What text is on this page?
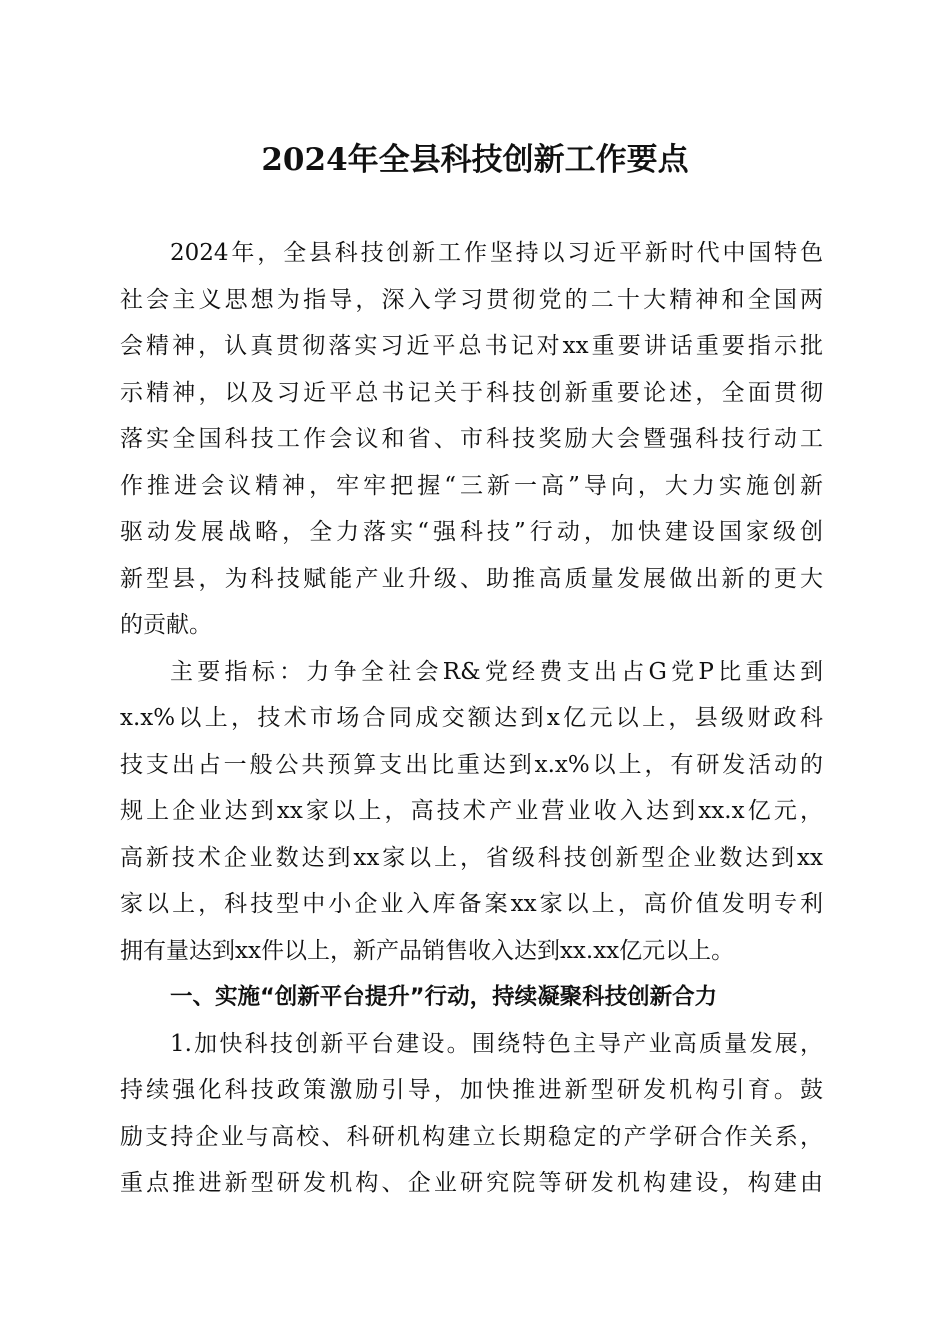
2024年全县科技创新工作要点
2024年，全县科技创新工作坚持以习近平新时代中国特色
社会主义思想为指导，深入学习贯彻党的二十大精神和全国两
会精神，认真贯彻落实习近平总书记对xx重要讲话重要指示批
示精神，以及习近平总书记关于科技创新重要论述，全面贯彻
落实全国科技工作会议和省、市科技奖励大会暨强科技行动工
作推进会议精神，牢牢把握“三新一高”导向，大力实施创新
驱动发展战略，全力落实“强科技”行动，加快建设国家级创
新型县，为科技赋能产业升级、助推高质量发展做出新的更大
的贡献。
主要指标：力争全社会R&党经费支出占G党P比重达到
x.x%以上，技术市场合同成交额达到x亿元以上，县级财政科
技支出占一般公共预算支出比重达到x.x%以上，有研发活动的
规上企业达到xx家以上，高技术产业营业收入达到xx.x亿元，
高新技术企业数达到xx家以上，省级科技创新型企业数达到xx
家以上，科技型中小企业入库备案xx家以上，高价值发明专利
拥有量达到xx件以上，新产品销售收入达到xx.xx亿元以上。
一、实施“创新平台提升”行动，持续凝聚科技创新合力
1.加快科技创新平台建设。围绕特色主导产业高质量发展，
持续强化科技政策激励引导，加快推进新型研发机构引育。鼓
励支持企业与高校、科研机构建立长期稳定的产学研合作关系，
重点推进新型研发机构、企业研究院等研发机构建设，构建由
